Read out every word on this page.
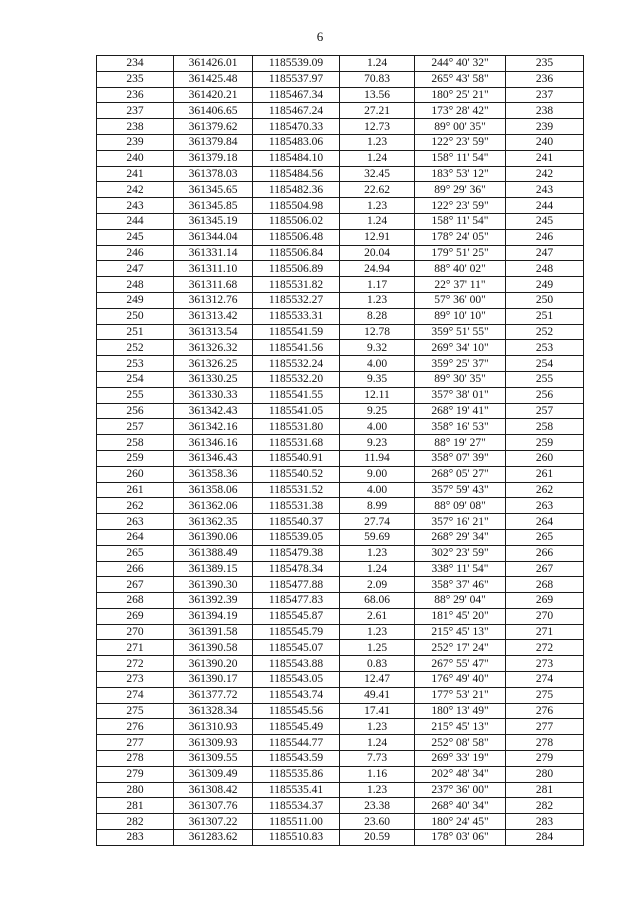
6
234	361426.01	1185539.09	1.24	244° 40' 32"	235
235	361425.48	1185537.97	70.83	265° 43' 58"	236
236	361420.21	1185467.34	13.56	180° 25' 21"	237
237	361406.65	1185467.24	27.21	173° 28' 42"	238
238	361379.62	1185470.33	12.73	89° 00' 35"	239
239	361379.84	1185483.06	1.23	122° 23' 59"	240
240	361379.18	1185484.10	1.24	158° 11' 54"	241
241	361378.03	1185484.56	32.45	183° 53' 12"	242
242	361345.65	1185482.36	22.62	89° 29' 36"	243
243	361345.85	1185504.98	1.23	122° 23' 59"	244
244	361345.19	1185506.02	1.24	158° 11' 54"	245
245	361344.04	1185506.48	12.91	178° 24' 05"	246
246	361331.14	1185506.84	20.04	179° 51' 25"	247
247	361311.10	1185506.89	24.94	88° 40' 02"	248
248	361311.68	1185531.82	1.17	22° 37' 11"	249
249	361312.76	1185532.27	1.23	57° 36' 00"	250
250	361313.42	1185533.31	8.28	89° 10' 10"	251
251	361313.54	1185541.59	12.78	359° 51' 55"	252
252	361326.32	1185541.56	9.32	269° 34' 10"	253
253	361326.25	1185532.24	4.00	359° 25' 37"	254
254	361330.25	1185532.20	9.35	89° 30' 35"	255
255	361330.33	1185541.55	12.11	357° 38' 01"	256
256	361342.43	1185541.05	9.25	268° 19' 41"	257
257	361342.16	1185531.80	4.00	358° 16' 53"	258
258	361346.16	1185531.68	9.23	88° 19' 27"	259
259	361346.43	1185540.91	11.94	358° 07' 39"	260
260	361358.36	1185540.52	9.00	268° 05' 27"	261
261	361358.06	1185531.52	4.00	357° 59' 43"	262
262	361362.06	1185531.38	8.99	88° 09' 08"	263
263	361362.35	1185540.37	27.74	357° 16' 21"	264
264	361390.06	1185539.05	59.69	268° 29' 34"	265
265	361388.49	1185479.38	1.23	302° 23' 59"	266
266	361389.15	1185478.34	1.24	338° 11' 54"	267
267	361390.30	1185477.88	2.09	358° 37' 46"	268
268	361392.39	1185477.83	68.06	88° 29' 04"	269
269	361394.19	1185545.87	2.61	181° 45' 20"	270
270	361391.58	1185545.79	1.23	215° 45' 13"	271
271	361390.58	1185545.07	1.25	252° 17' 24"	272
272	361390.20	1185543.88	0.83	267° 55' 47"	273
273	361390.17	1185543.05	12.47	176° 49' 40"	274
274	361377.72	1185543.74	49.41	177° 53' 21"	275
275	361328.34	1185545.56	17.41	180° 13' 49"	276
276	361310.93	1185545.49	1.23	215° 45' 13"	277
277	361309.93	1185544.77	1.24	252° 08' 58"	278
278	361309.55	1185543.59	7.73	269° 33' 19"	279
279	361309.49	1185535.86	1.16	202° 48' 34"	280
280	361308.42	1185535.41	1.23	237° 36' 00"	281
281	361307.76	1185534.37	23.38	268° 40' 34"	282
282	361307.22	1185511.00	23.60	180° 24' 45"	283
283	361283.62	1185510.83	20.59	178° 03' 06"	284
